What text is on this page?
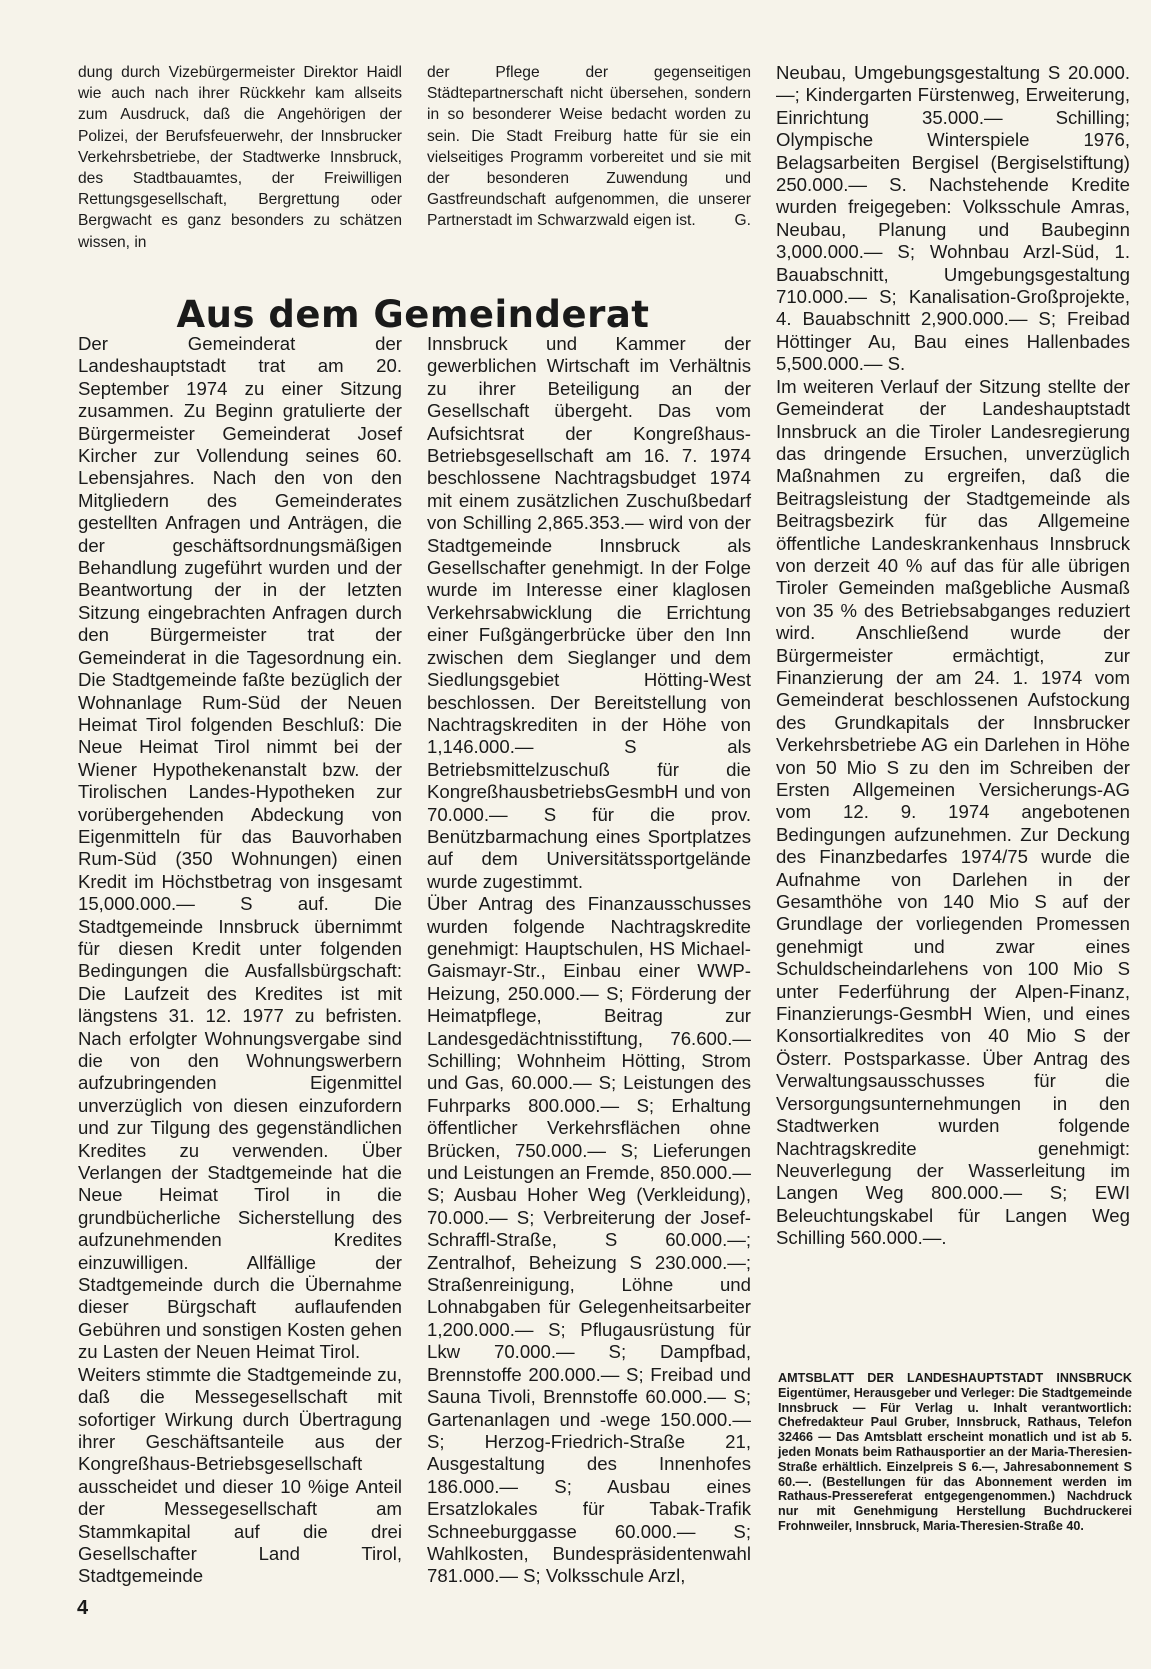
dung durch Vizebürgermeister Direktor Haidl wie auch nach ihrer Rückkehr kam allseits zum Ausdruck, daß die Angehörigen der Polizei, der Berufsfeuerwehr, der Innsbrucker Verkehrsbetriebe, der Stadtwerke Innsbruck, des Stadtbauamtes, der Freiwilligen Rettungsgesellschaft, Bergrettung oder Bergwacht es ganz besonders zu schätzen wissen, in

der Pflege der gegenseitigen Städtepartnerschaft nicht übersehen, sondern in so besonderer Weise bedacht worden zu sein. Die Stadt Freiburg hatte für sie ein vielseitiges Programm vorbereitet und sie mit der besonderen Zuwendung und Gastfreundschaft aufgenommen, die unserer Partnerstadt im Schwarzwald eigen ist. G.

Aus dem Gemeinderat

Der Gemeinderat der Landeshauptstadt trat am 20. September 1974 zu einer Sitzung zusammen. Zu Beginn gratulierte der Bürgermeister Gemeinderat Josef Kircher zur Vollendung seines 60. Lebensjahres. Nach den von den Mitgliedern des Gemeinderates gestellten Anfragen und Anträgen, die der geschäftsordnungsmäßigen Behandlung zugeführt wurden und der Beantwortung der in der letzten Sitzung eingebrachten Anfragen durch den Bürgermeister trat der Gemeinderat in die Tagesordnung ein. Die Stadtgemeinde faßte bezüglich der Wohnanlage Rum-Süd der Neuen Heimat Tirol folgenden Beschluß: Die Neue Heimat Tirol nimmt bei der Wiener Hypothekenanstalt bzw. der Tirolischen Landes-Hypotheken zur vorübergehenden Abdeckung von Eigenmitteln für das Bauvorhaben Rum-Süd (350 Wohnungen) einen Kredit im Höchstbetrag von insgesamt 15,000.000.— S auf. Die Stadtgemeinde Innsbruck übernimmt für diesen Kredit unter folgenden Bedingungen die Ausfallsbürgschaft: Die Laufzeit des Kredites ist mit längstens 31. 12. 1977 zu befristen. Nach erfolgter Wohnungsvergabe sind die von den Wohnungswerbern aufzubringenden Eigenmittel unverzüglich von diesen einzufordern und zur Tilgung des gegenständlichen Kredites zu verwenden. Über Verlangen der Stadtgemeinde hat die Neue Heimat Tirol in die grundbücherliche Sicherstellung des aufzunehmenden Kredites einzuwilligen. Allfällige der Stadtgemeinde durch die Übernahme dieser Bürgschaft auflaufenden Gebühren und sonstigen Kosten gehen zu Lasten der Neuen Heimat Tirol.

Weiters stimmte die Stadtgemeinde zu, daß die Messegesellschaft mit sofortiger Wirkung durch Übertragung ihrer Geschäftsanteile aus der Kongreßhaus-Betriebsgesellschaft ausscheidet und dieser 10 %ige Anteil der Messegesellschaft am Stammkapital auf die drei Gesellschafter Land Tirol, Stadtgemeinde

Innsbruck und Kammer der gewerblichen Wirtschaft im Verhältnis zu ihrer Beteiligung an der Gesellschaft übergeht. Das vom Aufsichtsrat der Kongreßhaus-Betriebsgesellschaft am 16. 7. 1974 beschlossene Nachtragsbudget 1974 mit einem zusätzlichen Zuschußbedarf von Schilling 2,865.353.— wird von der Stadtgemeinde Innsbruck als Gesellschafter genehmigt. In der Folge wurde im Interesse einer klaglosen Verkehrsabwicklung die Errichtung einer Fußgängerbrücke über den Inn zwischen dem Sieglanger und dem Siedlungsgebiet Hötting-West beschlossen. Der Bereitstellung von Nachtragskrediten in der Höhe von 1,146.000.— S als Betriebsmittelzuschuß für die KongreßhausbetriebsGesmbH und von 70.000.— S für die prov. Benützbarmachung eines Sportplatzes auf dem Universitätssportgelände wurde zugestimmt.

Über Antrag des Finanzausschusses wurden folgende Nachtragskredite genehmigt: Hauptschulen, HS Michael-Gaismayr-Str., Einbau einer WWP-Heizung, 250.000.— S; Förderung der Heimatpflege, Beitrag zur Landesgedächtnisstiftung, 76.600.— Schilling; Wohnheim Hötting, Strom und Gas, 60.000.— S; Leistungen des Fuhrparks 800.000.— S; Erhaltung öffentlicher Verkehrsflächen ohne Brücken, 750.000.— S; Lieferungen und Leistungen an Fremde, 850.000.— S; Ausbau Hoher Weg (Verkleidung), 70.000.— S; Verbreiterung der Josef-Schraffl-Straße, S 60.000.—; Zentralhof, Beheizung S 230.000.—; Straßenreinigung, Löhne und Lohnabgaben für Gelegenheitsarbeiter 1,200.000.— S; Pflugausrüstung für Lkw 70.000.— S; Dampfbad, Brennstoffe 200.000.— S; Freibad und Sauna Tivoli, Brennstoffe 60.000.— S; Gartenanlagen und -wege 150.000.— S; Herzog-Friedrich-Straße 21, Ausgestaltung des Innenhofes 186.000.— S; Ausbau eines Ersatzlokales für Tabak-Trafik Schneeburggasse 60.000.— S; Wahlkosten, Bundespräsidentenwahl 781.000.— S; Volksschule Arzl,

Neubau, Umgebungsgestaltung S 20.000.—; Kindergarten Fürstenweg, Erweiterung, Einrichtung 35.000.— Schilling; Olympische Winterspiele 1976, Belagsarbeiten Bergisel (Bergiselstiftung) 250.000.— S. Nachstehende Kredite wurden freigegeben: Volksschule Amras, Neubau, Planung und Baubeginn 3,000.000.— S; Wohnbau Arzl-Süd, 1. Bauabschnitt, Umgebungsgestaltung 710.000.— S; Kanalisation-Großprojekte, 4. Bauabschnitt 2,900.000.— S; Freibad Höttinger Au, Bau eines Hallenbades 5,500.000.— S.

Im weiteren Verlauf der Sitzung stellte der Gemeinderat der Landeshauptstadt Innsbruck an die Tiroler Landesregierung das dringende Ersuchen, unverzüglich Maßnahmen zu ergreifen, daß die Beitragsleistung der Stadtgemeinde als Beitragsbezirk für das Allgemeine öffentliche Landeskrankenhaus Innsbruck von derzeit 40 % auf das für alle übrigen Tiroler Gemeinden maßgebliche Ausmaß von 35 % des Betriebsabganges reduziert wird. Anschließend wurde der Bürgermeister ermächtigt, zur Finanzierung der am 24. 1. 1974 vom Gemeinderat beschlossenen Aufstockung des Grundkapitals der Innsbrucker Verkehrsbetriebe AG ein Darlehen in Höhe von 50 Mio S zu den im Schreiben der Ersten Allgemeinen Versicherungs-AG vom 12. 9. 1974 angebotenen Bedingungen aufzunehmen. Zur Deckung des Finanzbedarfes 1974/75 wurde die Aufnahme von Darlehen in der Gesamthöhe von 140 Mio S auf der Grundlage der vorliegenden Promessen genehmigt und zwar eines Schuldscheindarlehens von 100 Mio S unter Federführung der Alpen-Finanz, Finanzierungs-GesmbH Wien, und eines Konsortialkredites von 40 Mio S der Österr. Postsparkasse. Über Antrag des Verwaltungsausschusses für die Versorgungsunternehmungen in den Stadtwerken wurden folgende Nachtragskredite genehmigt: Neuverlegung der Wasserleitung im Langen Weg 800.000.— S; EWI Beleuchtungskabel für Langen Weg Schilling 560.000.—.

AMTSBLATT DER LANDESHAUPTSTADT INNSBRUCK Eigentümer, Herausgeber und Verleger: Die Stadtgemeinde Innsbruck — Für Verlag u. Inhalt verantwortlich: Chefredakteur Paul Gruber, Innsbruck, Rathaus, Telefon 32466 — Das Amtsblatt erscheint monatlich und ist ab 5. jeden Monats beim Rathausportier an der Maria-Theresien-Straße erhältlich. Einzelpreis S 6.—, Jahresabonnement S 60.—. (Bestellungen für das Abonnement werden im Rathaus-Pressereferat entgegengenommen.) Nachdruck nur mit Genehmigung Herstellung Buchdruckerei Frohnweiler, Innsbruck, Maria-Theresien-Straße 40.
4
